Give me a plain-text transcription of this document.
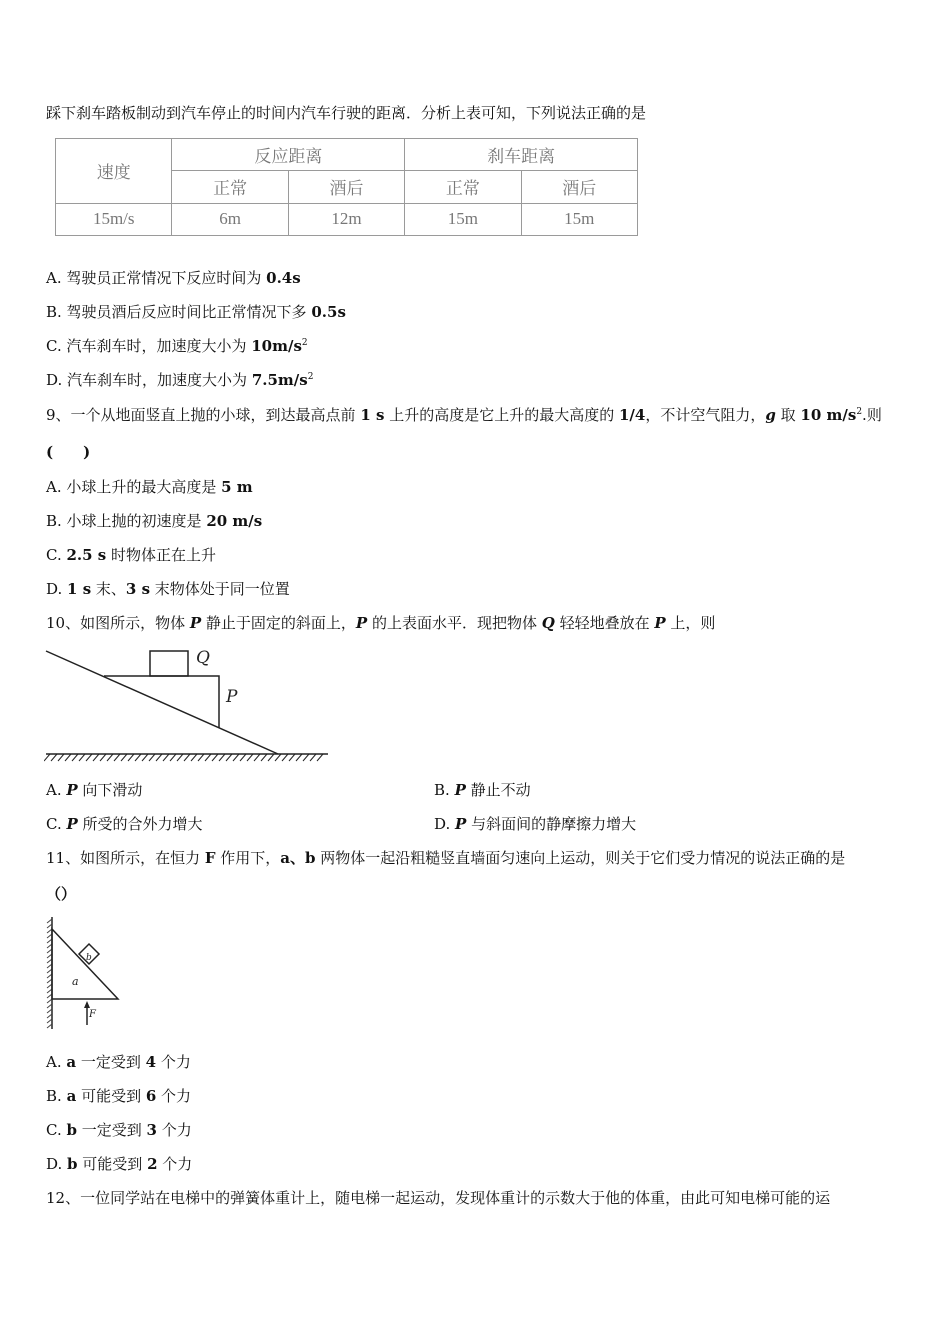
踩下刹车踏板制动到汽车停止的时间内汽车行驶的距离．分析上表可知，下列说法正确的是
速度	反应距离		刹车距离	
	正常	酒后	正常	酒后
15m/s	6m	12m	15m	15m
A. 驾驶员正常情况下反应时间为 0.4s
B. 驾驶员酒后反应时间比正常情况下多 0.5s
C. 汽车刹车时，加速度大小为 $10m/s^2$
D. 汽车刹车时，加速度大小为 $7.5m/s^2$
9、一个从地面竖直上抛的小球，到达最高点前 1 s 上升的高度是它上升的最大高度的 1/4，不计空气阻力，g 取 10 $m/s^2$.则
(　　)
A. 小球上升的最大高度是 5 m
B. 小球上抛的初速度是 20 m/s
C. 2.5 s 时物体正在上升
D. 1 s 末、3 s 末物体处于同一位置
10、如图所示，物体 P 静止于固定的斜面上，P 的上表面水平．现把物体 Q 轻轻地叠放在 P 上，则
Q
P
A. P 向下滑动	B. P 静止不动
C. P 所受的合外力增大	D. P 与斜面间的静摩擦力增大
11、如图所示，在恒力 F 作用下，a、b 两物体一起沿粗糙竖直墙面匀速向上运动，则关于它们受力情况的说法正确的是
（）
b
a
F
A. a 一定受到 4 个力
B. a 可能受到 6 个力
C. b 一定受到 3 个力
D. b 可能受到 2 个力
12、一位同学站在电梯中的弹簧体重计上，随电梯一起运动，发现体重计的示数大于他的体重，由此可知电梯可能的运
